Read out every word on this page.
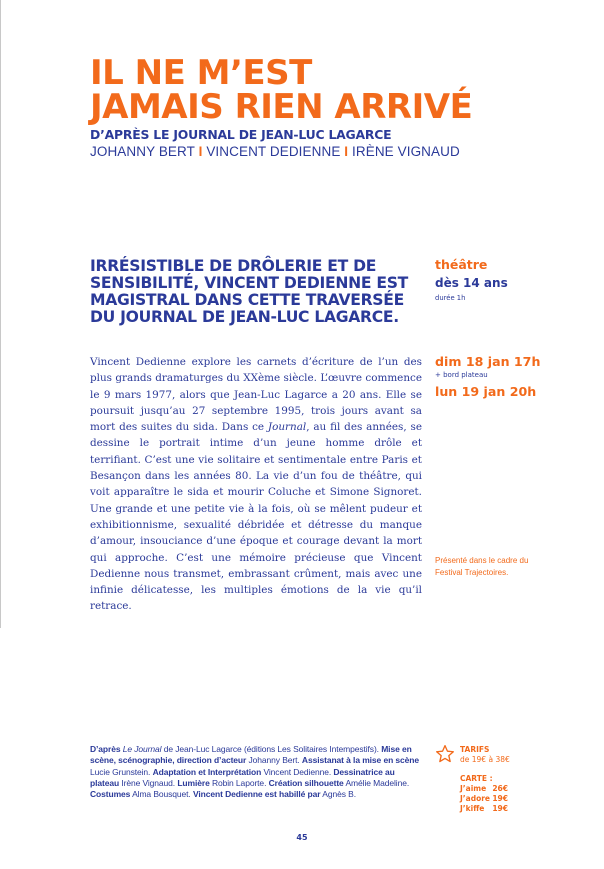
IL NE M’EST
JAMAIS RIEN ARRIVÉ

D’APRÈS LE JOURNAL DE JEAN-LUC LAGARCE

JOHANNY BERT I VINCENT DEDIENNE I IRÈNE VIGNAUD

IRRÉSISTIBLE DE DRÔLERIE ET DE SENSIBILITÉ, VINCENT DEDIENNE EST MAGISTRAL DANS CETTE TRAVERSÉE DU JOURNAL DE JEAN-LUC LAGARCE.

théâtre
dès 14 ans
durée 1h

Vincent Dedienne explore les carnets d’écriture de l’un des plus grands dramaturges du XXème siècle. L’œuvre commence le 9 mars 1977, alors que Jean-Luc Lagarce a 20 ans. Elle se poursuit jusqu’au 27 septembre 1995, trois jours avant sa mort des suites du sida. Dans ce Journal, au fil des années, se dessine le portrait intime d’un jeune homme drôle et terrifiant. C’est une vie solitaire et sentimentale entre Paris et Besançon dans les années 80. La vie d’un fou de théâtre, qui voit apparaître le sida et mourir Coluche et Simone Signoret. Une grande et une petite vie à la fois, où se mêlent pudeur et exhibitionnisme, sexualité débridée et détresse du manque d’amour, insouciance d’une époque et courage devant la mort qui approche. C’est une mémoire précieuse que Vincent Dedienne nous transmet, embrassant crûment, mais avec une infinie délicatesse, les multiples émotions de la vie qu’il retrace.

dim 18 jan 17h
+ bord plateau
lun 19 jan 20h

Présenté dans le cadre du Festival Trajectoires.

D’après Le Journal de Jean-Luc Lagarce (éditions Les Solitaires Intempestifs). Mise en scène, scénographie, direction d’acteur Johanny Bert. Assistanat à la mise en scène Lucie Grunstein. Adaptation et Interprétation Vincent Dedienne. Dessinatrice au plateau Irène Vignaud. Lumière Robin Laporte. Création silhouette Amélie Madeline. Costumes Alma Bousquet. Vincent Dedienne est habillé par Agnès B.

TARIFS
de 19€ à 38€
CARTE :
J’aime 26€
J’adore 19€
J’kiffe 19€
45
